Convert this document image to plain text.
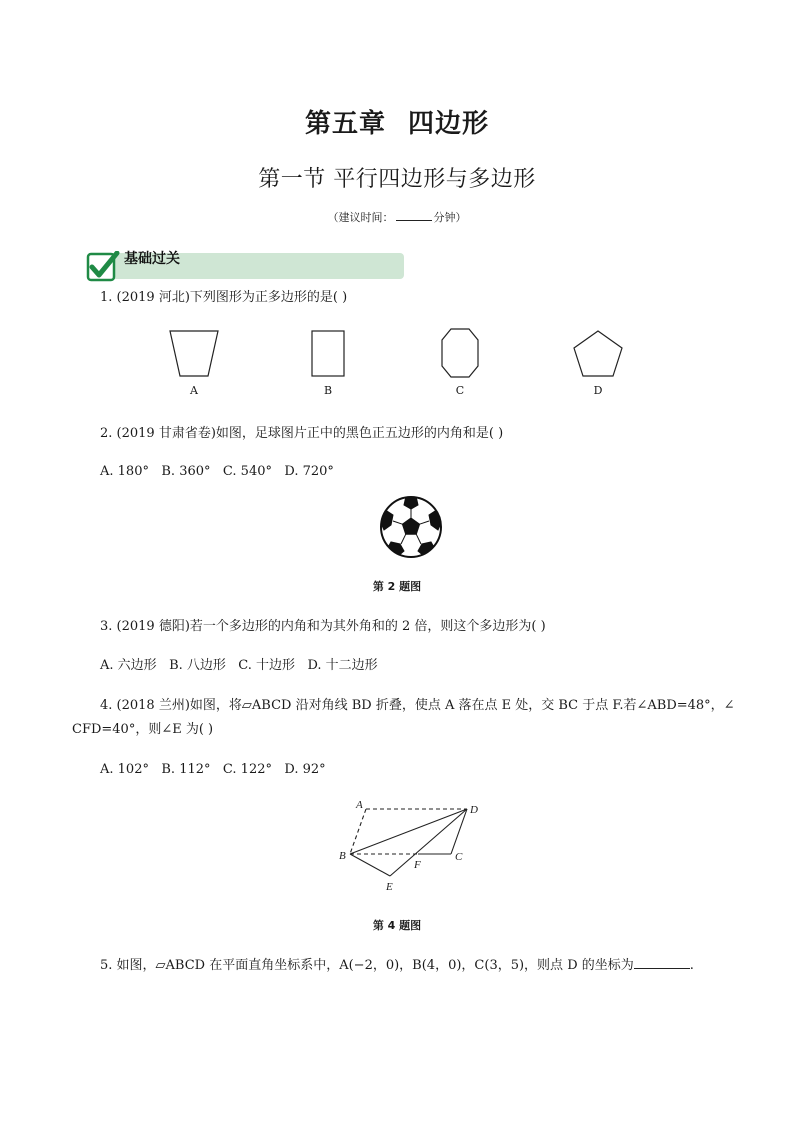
第五章 四边形
第一节 平行四边形与多边形
（建议时间：	分钟）
基础过关
1. (2019 河北)下列图形为正多边形的是( )
A	B	C	D
2. (2019 甘肃省卷)如图，足球图片正中的黑色正五边形的内角和是( )
A. 180° B. 360° C. 540° D. 720°
第 2 题图
3. (2019 德阳)若一个多边形的内角和为其外角和的 2 倍，则这个多边形为( )
A. 六边形 B. 八边形 C. 十边形 D. 十二边形
4. (2018 兰州)如图，将▱ABCD 沿对角线 BD 折叠，使点 A 落在点 E 处，交 BC 于点 F.若∠ABD=48°，∠
CFD=40°，则∠E 为( )
A. 102° B. 112° C. 122° D. 92°
A	D
B	C
F
E
第 4 题图
5. 如图，▱ABCD 在平面直角坐标系中，A(−2，0)，B(4，0)，C(3，5)，则点 D 的坐标为	.
